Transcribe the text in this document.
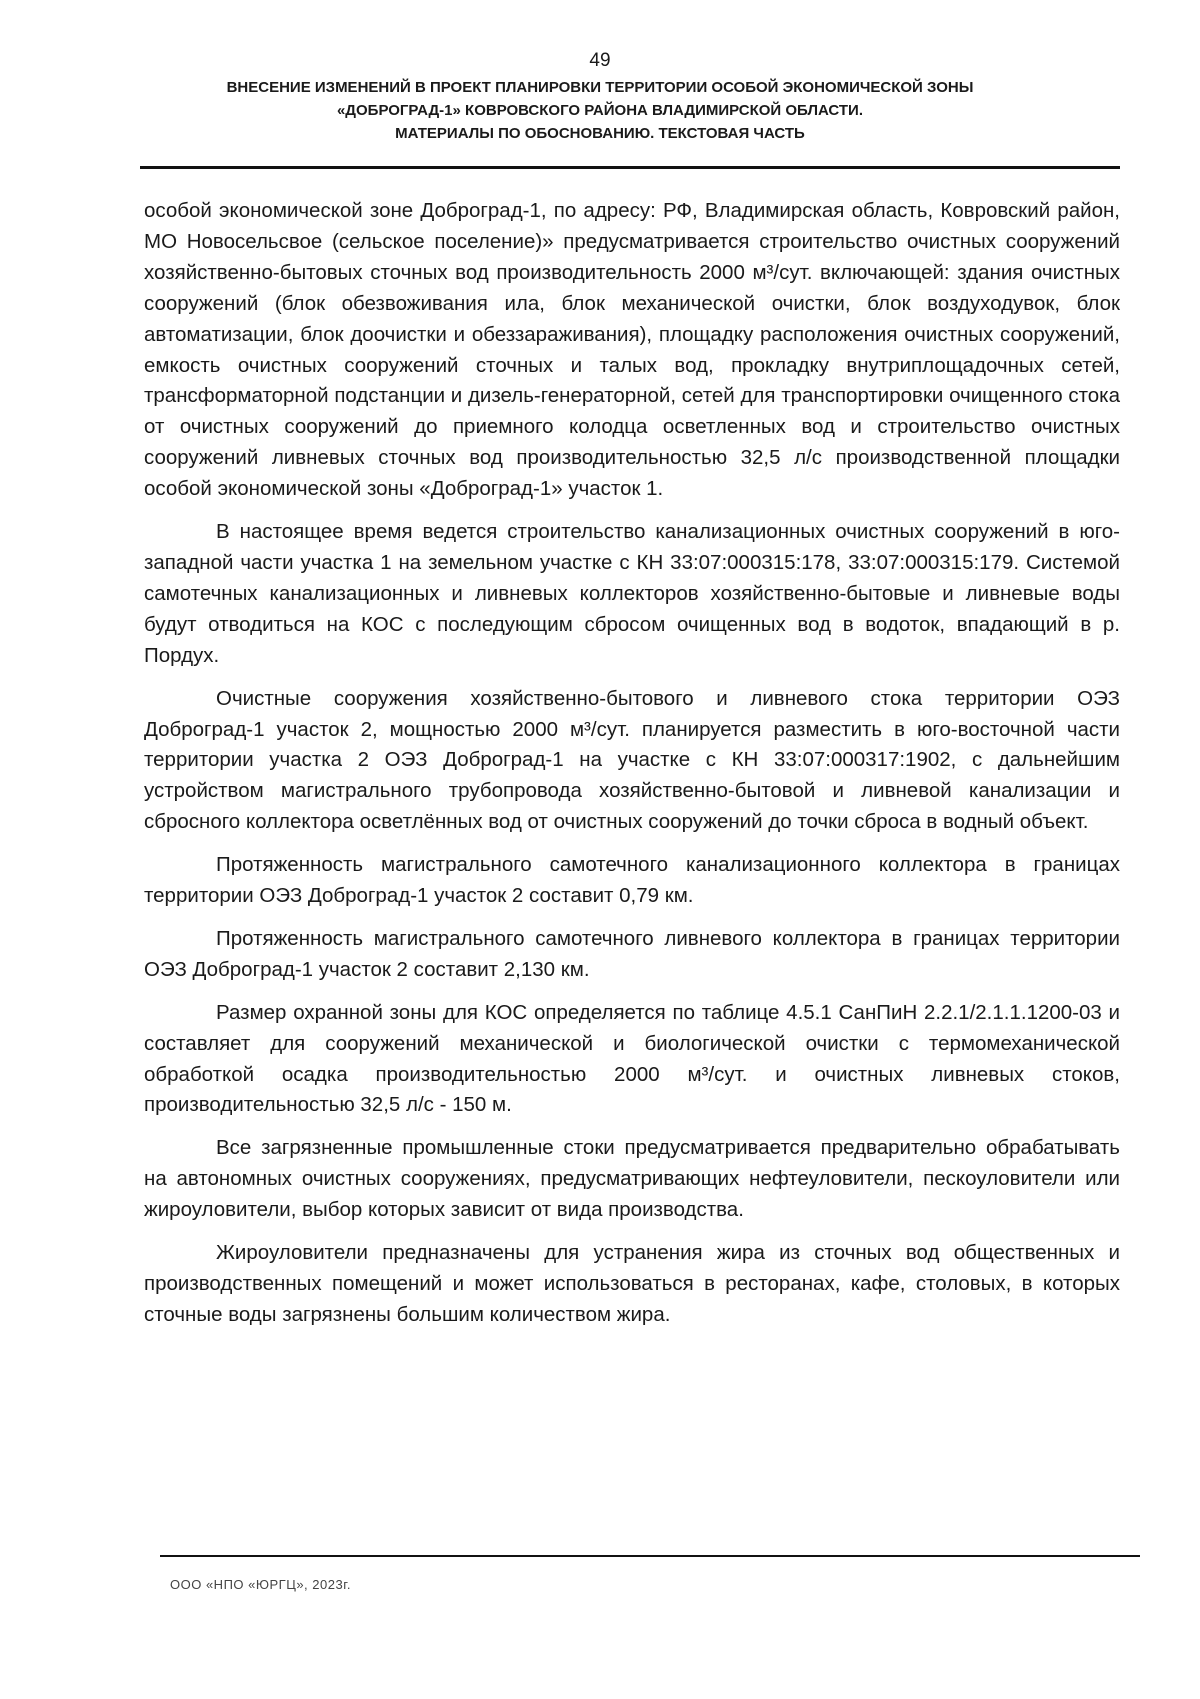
49
ВНЕСЕНИЕ ИЗМЕНЕНИЙ В ПРОЕКТ ПЛАНИРОВКИ ТЕРРИТОРИИ ОСОБОЙ ЭКОНОМИЧЕСКОЙ ЗОНЫ
«ДОБРОГРАД-1» КОВРОВСКОГО РАЙОНА ВЛАДИМИРСКОЙ ОБЛАСТИ.
МАТЕРИАЛЫ ПО ОБОСНОВАНИЮ. ТЕКСТОВАЯ ЧАСТЬ

особой экономической зоне Доброград-1, по адресу: РФ, Владимирская область, Ковровский район, МО Новосельсвое (сельское поселение)» предусматривается строительство очистных сооружений хозяйственно-бытовых сточных вод производительность 2000 м³/сут. включающей: здания очистных сооружений (блок обезвоживания ила, блок механической очистки, блок воздуходувок, блок автоматизации, блок доочистки и обеззараживания), площадку расположения очистных сооружений, емкость очистных сооружений сточных и талых вод, прокладку внутриплощадочных сетей, трансформаторной подстанции и дизель-генераторной, сетей для транспортировки очищенного стока от очистных сооружений до приемного колодца осветленных вод и строительство очистных сооружений ливневых сточных вод производительностью 32,5 л/с производственной площадки особой экономической зоны «Доброград-1» участок 1.

В настоящее время ведется строительство канализационных очистных сооружений в юго-западной части участка 1 на земельном участке с КН 33:07:000315:178, 33:07:000315:179. Системой самотечных канализационных и ливневых коллекторов хозяйственно-бытовые и ливневые воды будут отводиться на КОС с последующим сбросом очищенных вод в водоток, впадающий в р. Пордух.

Очистные сооружения хозяйственно-бытового и ливневого стока территории ОЭЗ Доброград-1 участок 2, мощностью 2000 м³/сут. планируется разместить в юго-восточной части территории участка 2 ОЭЗ Доброград-1 на участке с КН 33:07:000317:1902, с дальнейшим устройством магистрального трубопровода хозяйственно-бытовой и ливневой канализации и сбросного коллектора осветлённых вод от очистных сооружений до точки сброса в водный объект.

Протяженность магистрального самотечного канализационного коллектора в границах территории ОЭЗ Доброград-1 участок 2 составит 0,79 км.

Протяженность магистрального самотечного ливневого коллектора в границах территории ОЭЗ Доброград-1 участок 2 составит 2,130 км.

Размер охранной зоны для КОС определяется по таблице 4.5.1 СанПиН 2.2.1/2.1.1.1200-03 и составляет для сооружений механической и биологической очистки с термомеханической обработкой осадка производительностью 2000 м³/сут. и очистных ливневых стоков, производительностью 32,5 л/с - 150 м.

Все загрязненные промышленные стоки предусматривается предварительно обрабатывать на автономных очистных сооружениях, предусматривающих нефтеуловители, пескоуловители или жироуловители, выбор которых зависит от вида производства.

Жироуловители предназначены для устранения жира из сточных вод общественных и производственных помещений и может использоваться в ресторанах, кафе, столовых, в которых сточные воды загрязнены большим количеством жира.

ООО «НПО «ЮРГЦ», 2023г.
